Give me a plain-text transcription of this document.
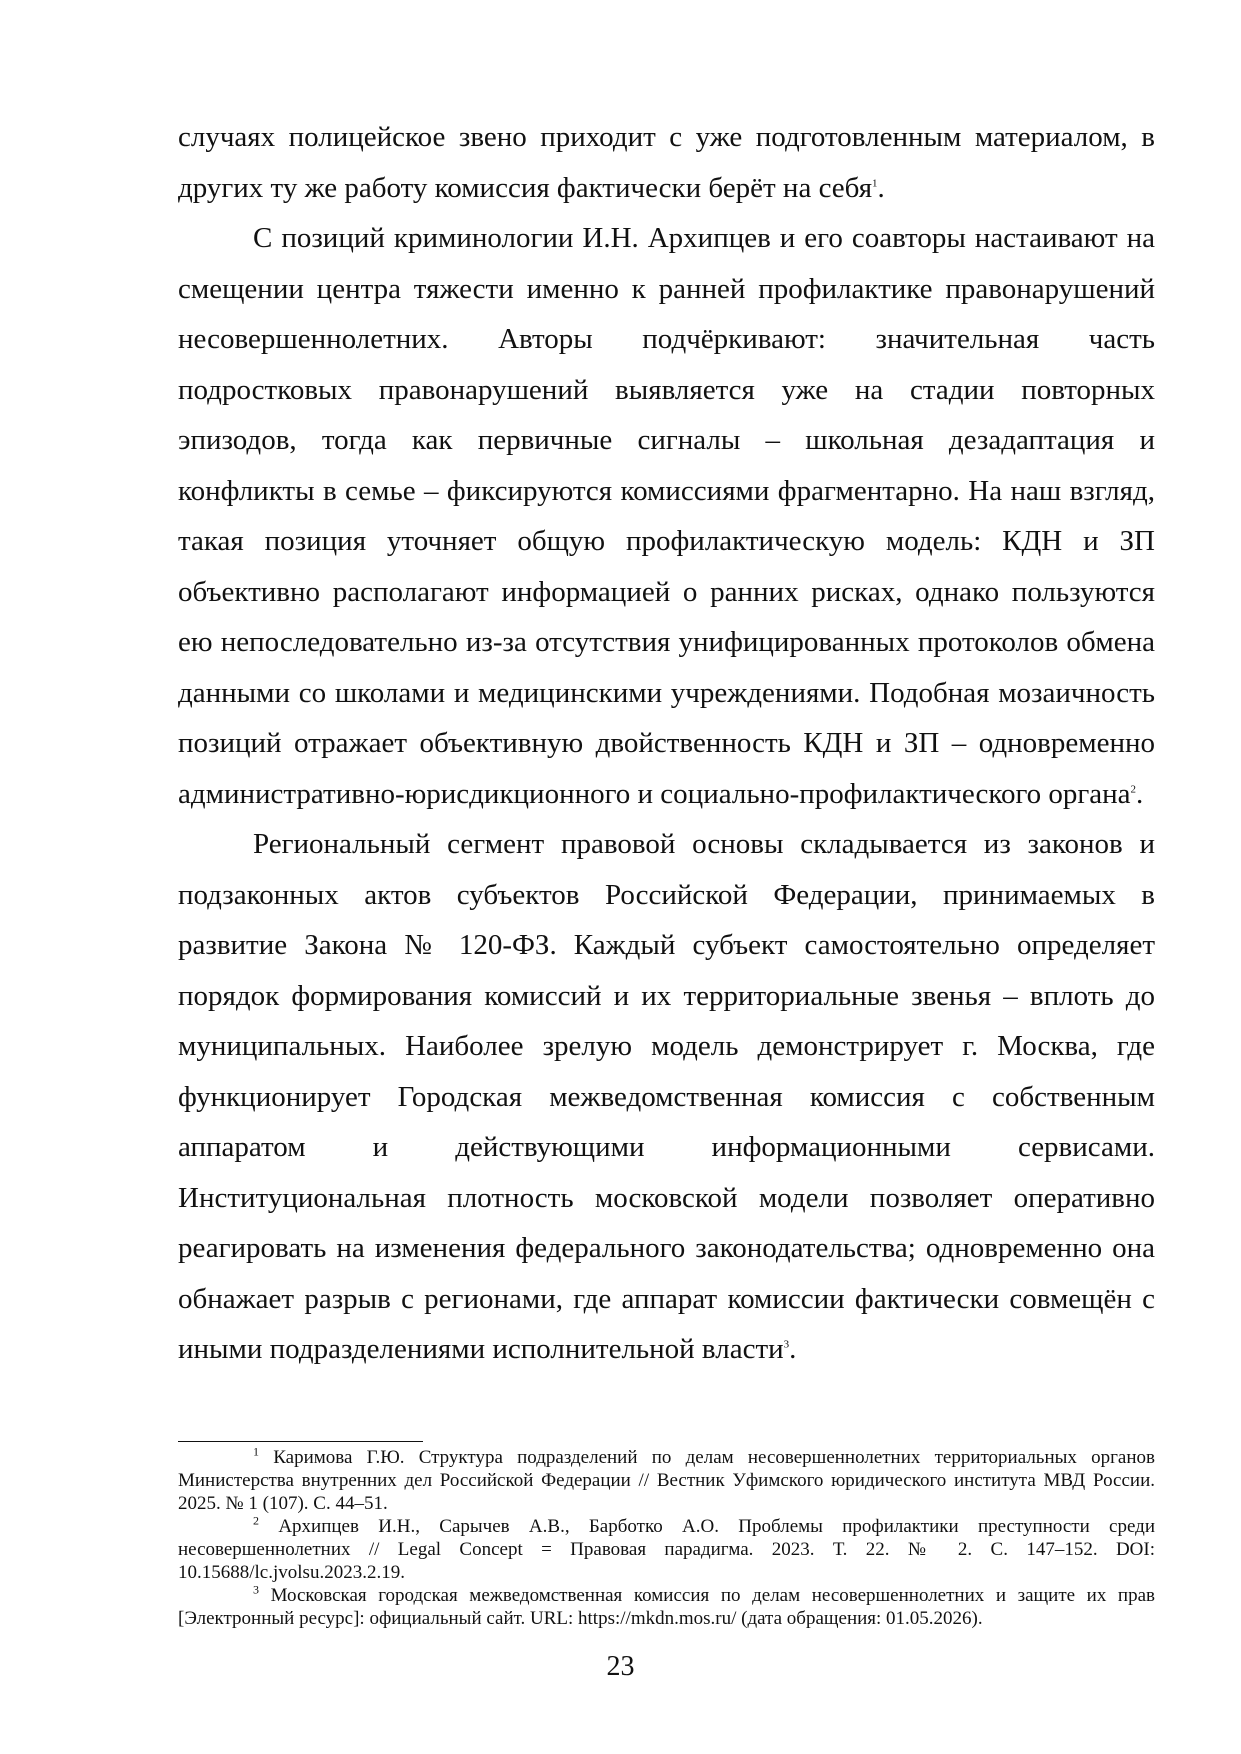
случаях полицейское звено приходит с уже подготовленным материалом, в других ту же работу комиссия фактически берёт на себя$^1$.

С позиций криминологии И.Н. Архипцев и его соавторы настаивают на смещении центра тяжести именно к ранней профилактике правонарушений несовершеннолетних. Авторы подчёркивают: значительная часть подростковых правонарушений выявляется уже на стадии повторных эпизодов, тогда как первичные сигналы – школьная дезадаптация и конфликты в семье – фиксируются комиссиями фрагментарно. На наш взгляд, такая позиция уточняет общую профилактическую модель: КДН и ЗП объективно располагают информацией о ранних рисках, однако пользуются ею непоследовательно из-за отсутствия унифицированных протоколов обмена данными со школами и медицинскими учреждениями. Подобная мозаичность позиций отражает объективную двойственность КДН и ЗП – одновременно административно-юрисдикционного и социально-профилактического органа$^2$.

Региональный сегмент правовой основы складывается из законов и подзаконных актов субъектов Российской Федерации, принимаемых в развитие Закона № 120-ФЗ. Каждый субъект самостоятельно определяет порядок формирования комиссий и их территориальные звенья – вплоть до муниципальных. Наиболее зрелую модель демонстрирует г. Москва, где функционирует Городская межведомственная комиссия с собственным аппаратом и действующими информационными сервисами. Институциональная плотность московской модели позволяет оперативно реагировать на изменения федерального законодательства; одновременно она обнажает разрыв с регионами, где аппарат комиссии фактически совмещён с иными подразделениями исполнительной власти$^3$.

$^1$ Каримова Г.Ю. Структура подразделений по делам несовершеннолетних территориальных органов Министерства внутренних дел Российской Федерации // Вестник Уфимского юридического института МВД России. 2025. № 1 (107). С. 44–51.

$^2$ Архипцев И.Н., Сарычев А.В., Барботко А.О. Проблемы профилактики преступности среди несовершеннолетних // Legal Concept = Правовая парадигма. 2023. Т. 22. № 2. С. 147–152. DOI: 10.15688/lc.jvolsu.2023.2.19.

$^3$ Московская городская межведомственная комиссия по делам несовершеннолетних и защите их прав [Электронный ресурс]: официальный сайт. URL: https://mkdn.mos.ru/ (дата обращения: 01.05.2026).

23
